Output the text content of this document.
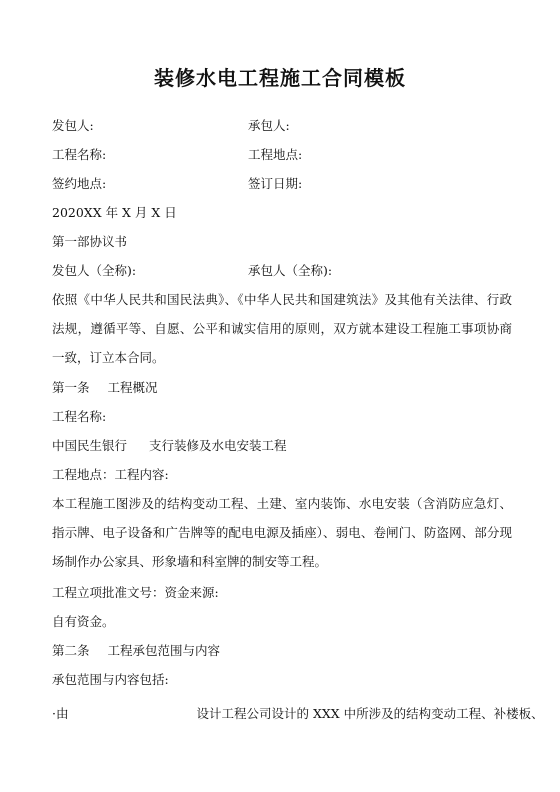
装修水电工程施工合同模板
发包人:	承包人:
工程名称:	工程地点:
签约地点:	签订日期:
2020XX 年 X 月 X 日
第一部协议书
发包人（全称):	承包人（全称):
依照《中华人民共和国民法典》、《中华人民共和国建筑法》及其他有关法律、行政法规，遵循平等、自愿、公平和诚实信用的原则，双方就本建设工程施工事项协商一致，订立本合同。
第一条 工程概况
工程名称:
中国民生银行 支行装修及水电安装工程
工程地点：工程内容:
本工程施工图涉及的结构变动工程、土建、室内装饰、水电安装（含消防应急灯、指示牌、电子设备和广告牌等的配电电源及插座）、弱电、卷闸门、防盗网、部分现场制作办公家具、形象墙和科室牌的制安等工程。
工程立项批准文号：资金来源:
自有资金。
第二条 工程承包范围与内容
承包范围与内容包括:
·由	设计工程公司设计的 XXX 中所涉及的结构变动工程、补楼板、
